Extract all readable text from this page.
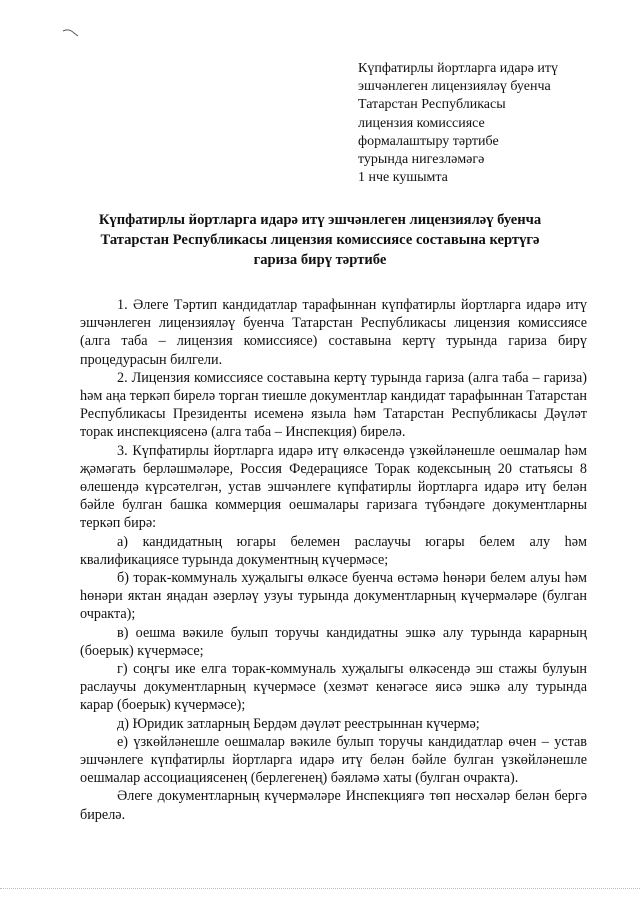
Күпфатирлы йортларга идарә итү
эшчәнлеген лицензияләү буенча
Татарстан Республикасы
лицензия комиссиясе
формалаштыру тәртибе
турында нигезләмәгә
1 нче кушымта
Күпфатирлы йортларга идарә итү эшчәнлеген лицензияләү буенча
Татарстан Республикасы лицензия комиссиясе составына кертүгә
гариза бирү тәртибе

1. Әлеге Тәртип кандидатлар тарафыннан күпфатирлы йортларга идарә итү эшчәнлеген лицензияләү буенча Татарстан Республикасы лицензия комиссиясе (алга таба – лицензия комиссиясе) составына кертү турында гариза бирү процедурасын билгели.

2. Лицензия комиссиясе составына кертү турында гариза (алга таба – гариза) һәм аңа теркәп бирелә торган тиешле документлар кандидат тарафыннан Татарстан Республикасы Президенты исеменә языла һәм Татарстан Республикасы Дәүләт торак инспекциясенә (алга таба – Инспекция) бирелә.

3. Күпфатирлы йортларга идарә итү өлкәсендә үзкөйләнешле оешмалар һәм җәмәгать берләшмәләре, Россия Федерациясе Торак кодексының 20 статьясы 8 өлешендә күрсәтелгән, устав эшчәнлеге күпфатирлы йортларга идарә итү белән бәйле булган башка коммерция оешмалары гаризага түбәндәге документларны теркәп бирә:

а) кандидатның югары белемен раслаучы югары белем алу һәм квалификациясе турында документның күчермәсе;

б) торак-коммуналь хуҗалыгы өлкәсе буенча өстәмә һөнәри белем алуы һәм һөнәри яктан яңадан әзерләү узуы турында документларның күчермәләре (булган очракта);

в) оешма вәкиле булып торучы кандидатны эшкә алу турында карарның (боерык) күчермәсе;

г) соңгы ике елга торак-коммуналь хуҗалыгы өлкәсендә эш стажы булуын раслаучы документларның күчермәсе (хезмәт кенәгәсе яисә эшкә алу турында карар (боерык) күчермәсе);

д) Юридик затларның Бердәм дәүләт реестрыннан күчермә;

е) үзкөйләнешле оешмалар вәкиле булып торучы кандидатлар өчен – устав эшчәнлеге күпфатирлы йортларга идарә итү белән бәйле булган үзкөйләнешле оешмалар ассоциациясенең (берлегенең) бәяләмә хаты (булган очракта).

Әлеге документларның күчермәләре Инспекциягә төп нөсхәләр белән бергә бирелә.
